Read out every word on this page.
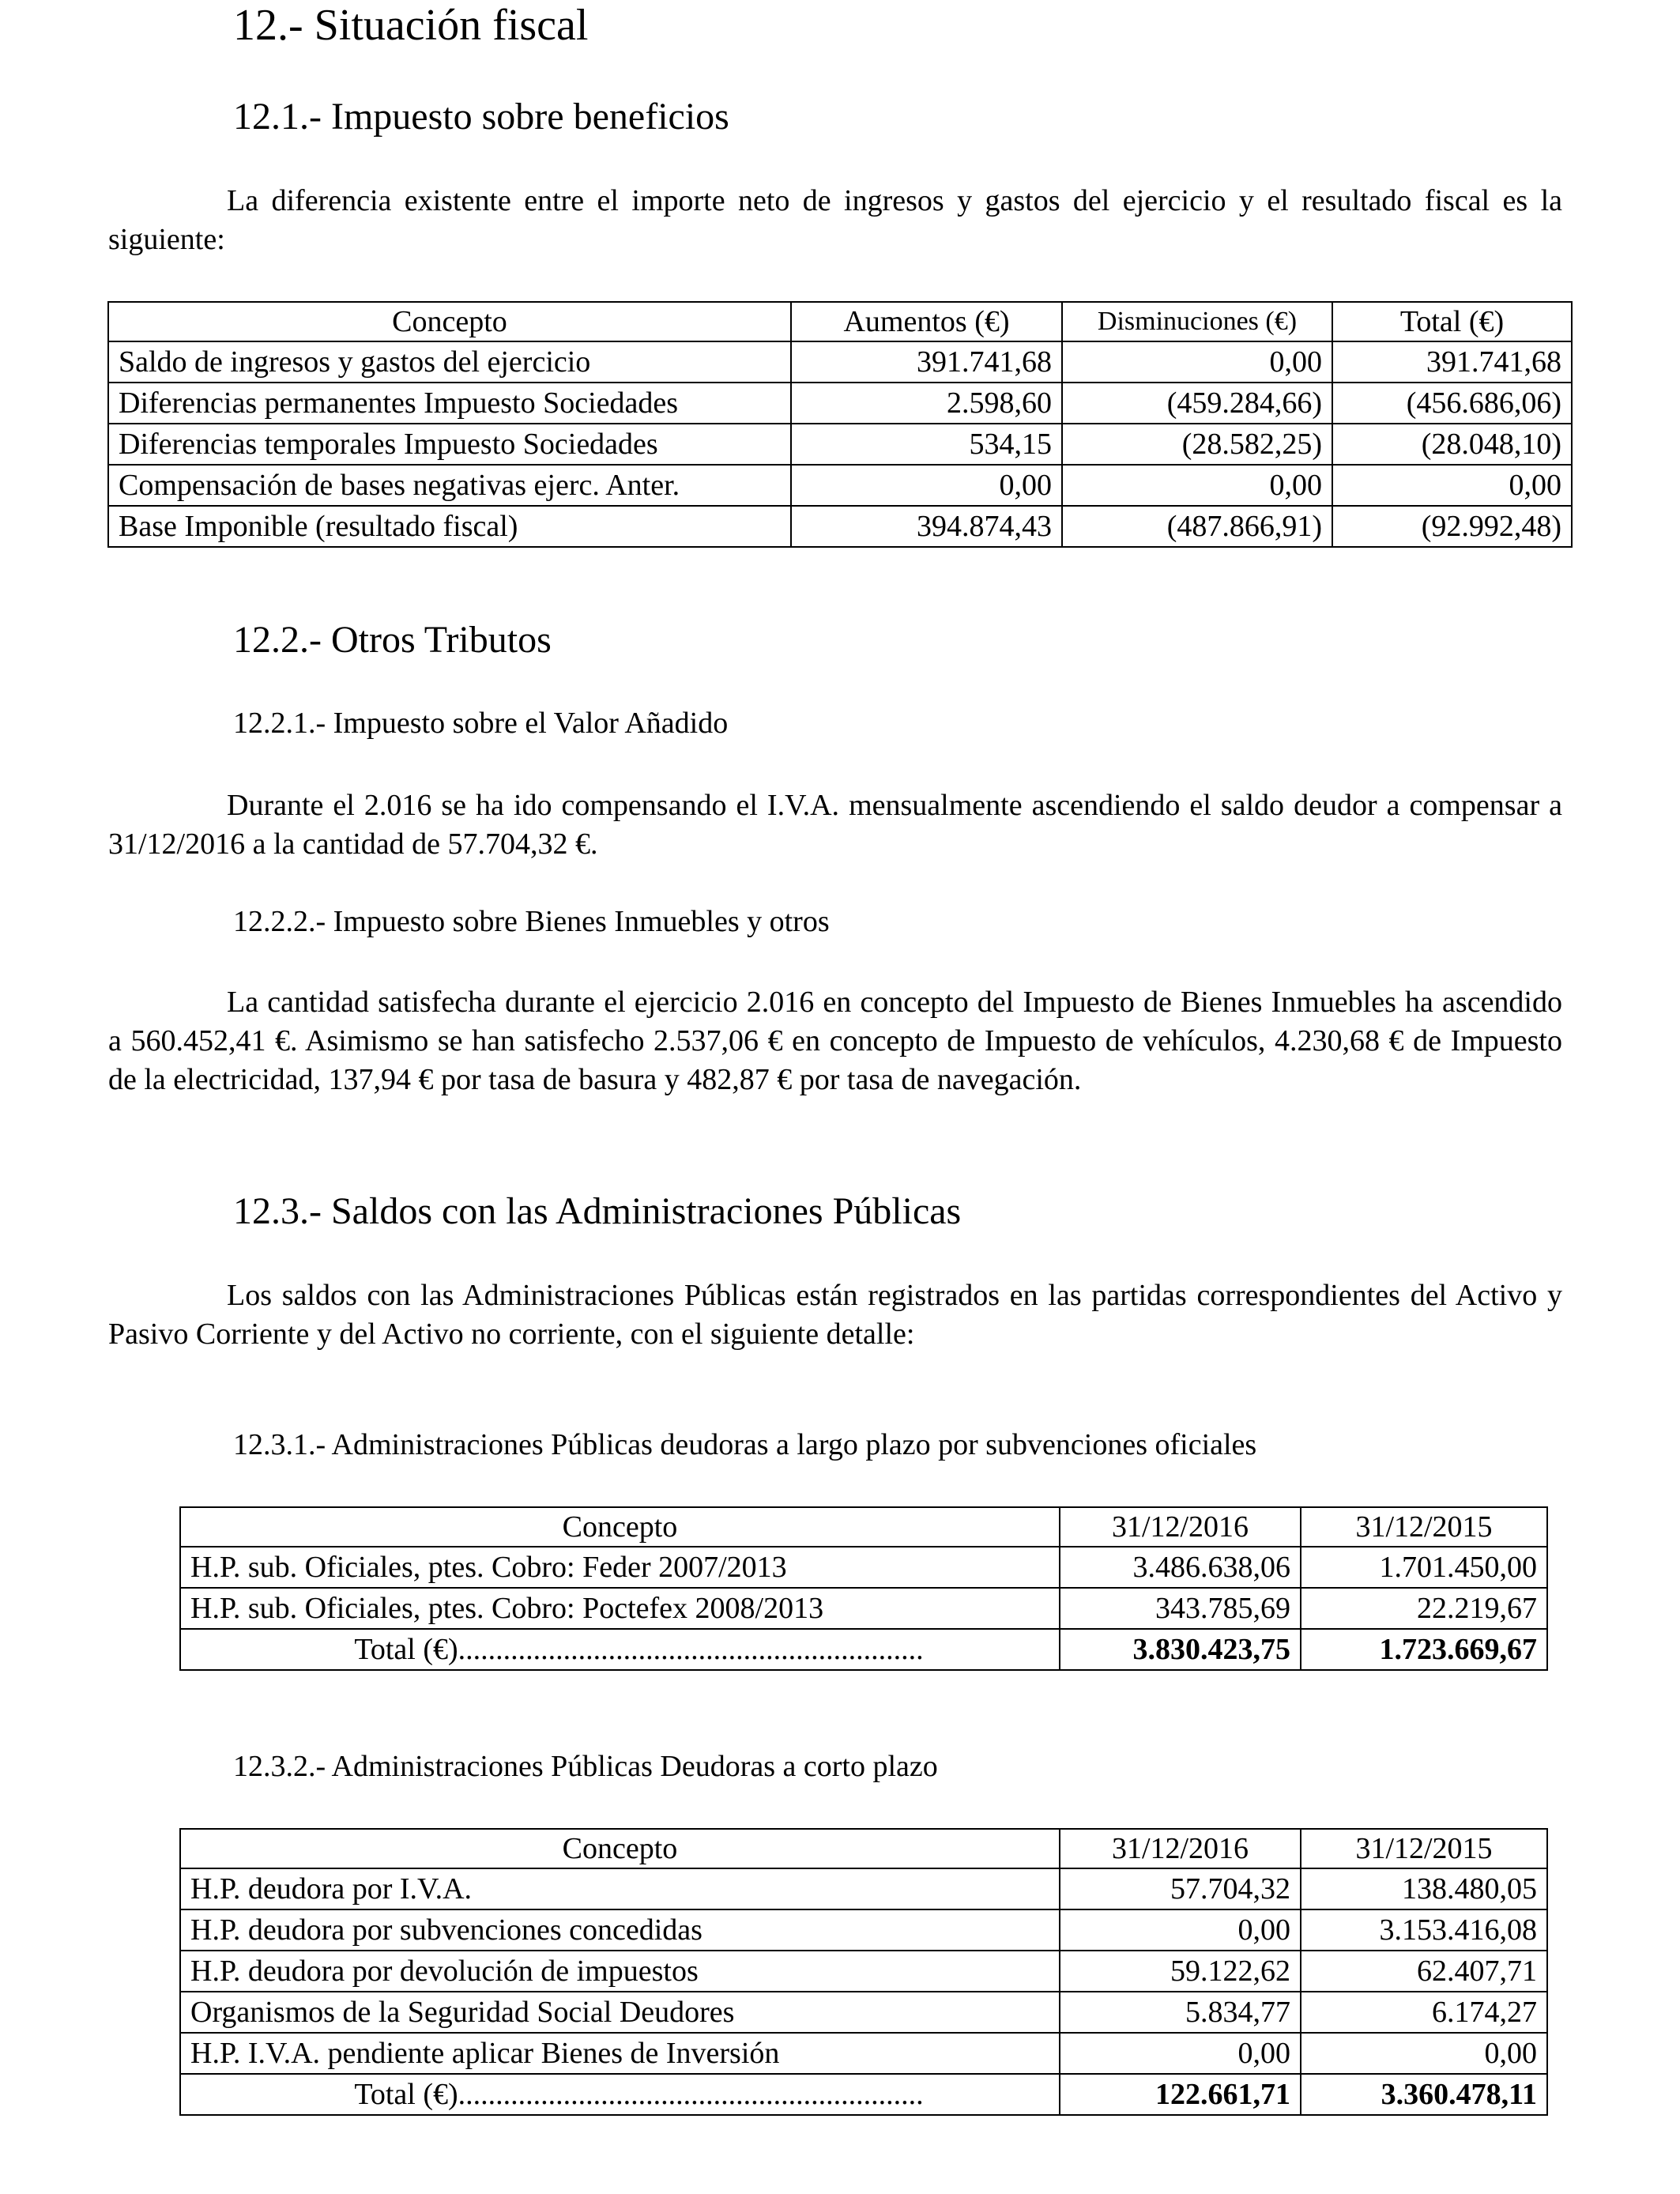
12.- Situación fiscal
12.1.- Impuesto sobre beneficios
La diferencia existente entre el importe neto de ingresos y gastos del ejercicio y el resultado fiscal es la siguiente:
Concepto	Aumentos (€)	Disminuciones (€)	Total (€)
Saldo de ingresos y gastos del ejercicio	391.741,68	0,00	391.741,68
Diferencias permanentes Impuesto Sociedades	2.598,60	(459.284,66)	(456.686,06)
Diferencias temporales Impuesto Sociedades	534,15	(28.582,25)	(28.048,10)
Compensación de bases negativas ejerc. Anter.	0,00	0,00	0,00
Base Imponible (resultado fiscal)	394.874,43	(487.866,91)	(92.992,48)
12.2.- Otros Tributos
12.2.1.- Impuesto sobre el Valor Añadido
Durante el 2.016 se ha ido compensando el I.V.A. mensualmente ascendiendo el saldo deudor a compensar a 31/12/2016 a la cantidad de 57.704,32 €.
12.2.2.- Impuesto sobre Bienes Inmuebles y otros
La cantidad satisfecha durante el ejercicio 2.016 en concepto del Impuesto de Bienes Inmuebles ha ascendido a 560.452,41 €. Asimismo se han satisfecho 2.537,06 € en concepto de Impuesto de vehículos, 4.230,68 € de Impuesto de la electricidad, 137,94 € por tasa de basura y 482,87 € por tasa de navegación.
12.3.- Saldos con las Administraciones Públicas
Los saldos con las Administraciones Públicas están registrados en las partidas correspondientes del Activo y Pasivo Corriente y del Activo no corriente, con el siguiente detalle:
12.3.1.- Administraciones Públicas deudoras a largo plazo por subvenciones oficiales
Concepto	31/12/2016	31/12/2015
H.P. sub. Oficiales, ptes. Cobro: Feder 2007/2013	3.486.638,06	1.701.450,00
H.P. sub. Oficiales, ptes. Cobro: Poctefex 2008/2013	343.785,69	22.219,67
Total (€)..............................................................	3.830.423,75	1.723.669,67
12.3.2.- Administraciones Públicas Deudoras a corto plazo
Concepto	31/12/2016	31/12/2015
H.P. deudora por I.V.A.	57.704,32	138.480,05
H.P. deudora por subvenciones concedidas	0,00	3.153.416,08
H.P. deudora por devolución de impuestos	59.122,62	62.407,71
Organismos de la Seguridad Social Deudores	5.834,77	6.174,27
H.P. I.V.A. pendiente aplicar Bienes de Inversión	0,00	0,00
Total (€)..............................................................	122.661,71	3.360.478,11
